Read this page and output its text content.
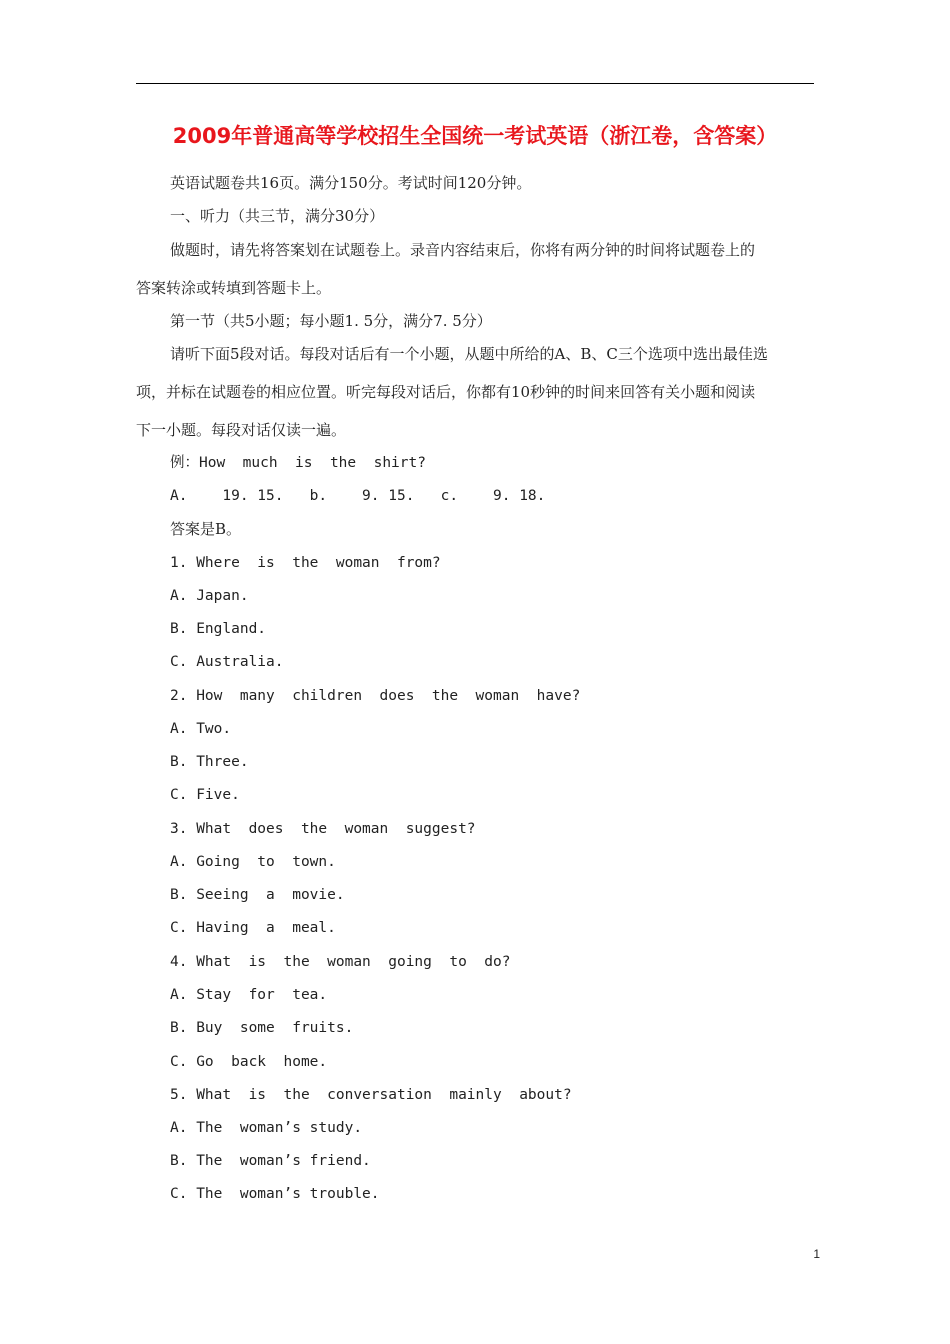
2009年普通高等学校招生全国统一考试英语（浙江卷，含答案）
英语试题卷共16页。满分150分。考试时间120分钟。
一、听力（共三节，满分30分）
做题时，请先将答案划在试题卷上。录音内容结束后，你将有两分钟的时间将试题卷上的
答案转涂或转填到答题卡上。
第一节（共5小题；每小题1. 5分，满分7. 5分）
请听下面5段对话。每段对话后有一个小题，从题中所给的A、B、C三个选项中选出最佳选
项，并标在试题卷的相应位置。听完每段对话后，你都有10秒钟的时间来回答有关小题和阅读
下一小题。每段对话仅读一遍。
例：How  much  is  the  shirt?
A.    19. 15.   b.    9. 15.   c.    9. 18.
答案是B。
1. Where  is  the  woman  from?
A. Japan.
B. England.
C. Australia.
2. How  many  children  does  the  woman  have?
A. Two.
B. Three.
C. Five.
3. What  does  the  woman  suggest?
A. Going  to  town.
B. Seeing  a  movie.
C. Having  a  meal.
4. What  is  the  woman  going  to  do?
A. Stay  for  tea.
B. Buy  some  fruits.
C. Go  back  home.
5. What  is  the  conversation  mainly  about?
A. The  woman’s study.
B. The  woman’s friend.
C. The  woman’s trouble.
1
